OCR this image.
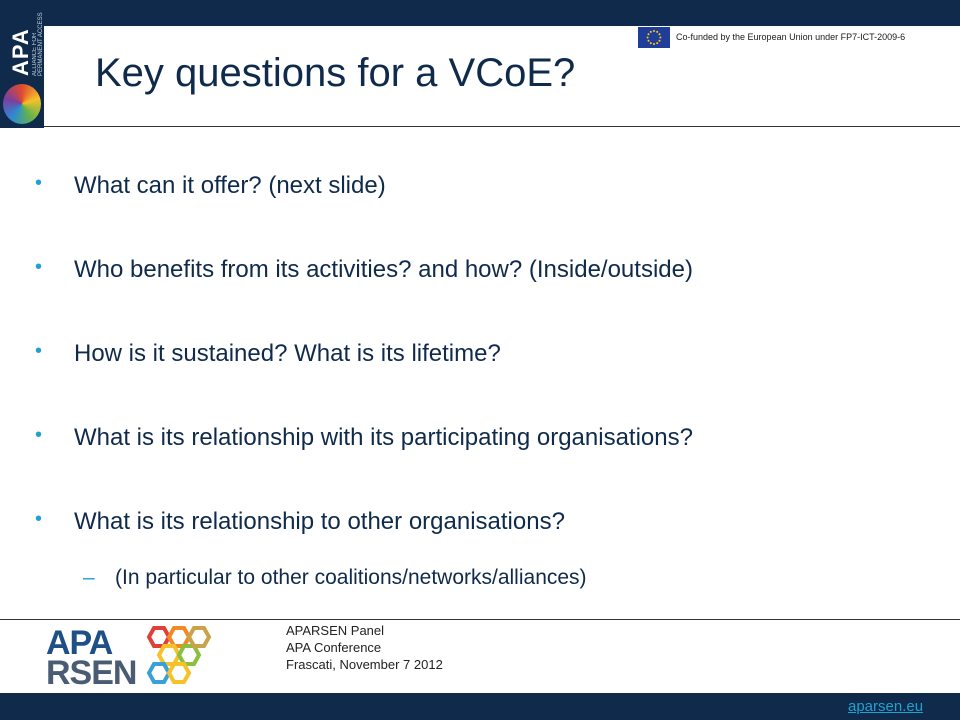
APA ALLIANCE FOR PERMANENT ACCESS	Co-funded by the European Union under FP7-ICT-2009-6
Key questions for a VCoE?
•	What can it offer? (next slide)
•	Who benefits from its activities? and how? (Inside/outside)
•	How is it sustained? What is its lifetime?
•	What is its relationship with its participating organisations?
•	What is its relationship to other organisations?
– (In particular to other coalitions/networks/alliances)
APA
RSEN
APARSEN Panel
APA Conference
Frascati, November 7 2012
aparsen.eu
